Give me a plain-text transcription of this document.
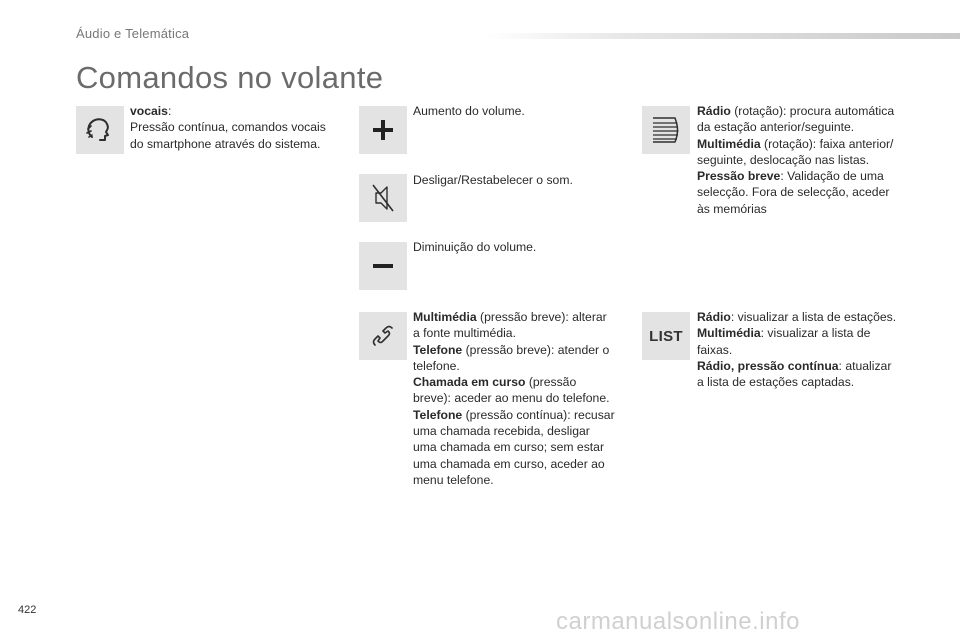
Áudio e Telemática
Comandos no volante
vocais:
Pressão contínua, comandos vocais
do smartphone através do sistema.
Aumento do volume.
Desligar/Restabelecer o som.
Diminuição do volume.
Multimédia (pressão breve): alterar
a fonte multimédia.
Telefone (pressão breve): atender o
telefone.
Chamada em curso (pressão
breve): aceder ao menu do telefone.
Telefone (pressão contínua): recusar
uma chamada recebida, desligar
uma chamada em curso; sem estar
uma chamada em curso, aceder ao
menu telefone.
Rádio (rotação): procura automática
da estação anterior/seguinte.
Multimédia (rotação): faixa anterior/
seguinte, deslocação nas listas.
Pressão breve: Validação de uma
selecção. Fora de selecção, aceder
às memórias
LIST
Rádio: visualizar a lista de estações.
Multimédia: visualizar a lista de
faixas.
Rádio, pressão contínua: atualizar
a lista de estações captadas.
422	carmanualsonline.info
